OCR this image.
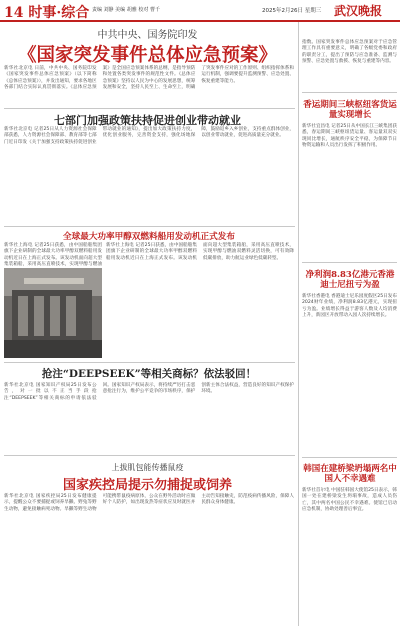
14 时事·综合 责编 刘静 美编 胡雅 校对 曹千	2025年2月26日 星期三 武汉晚报
中共中央、国务院印发
《国家突发事件总体应急预案》
新华社北京电 日前，中共中央、国务院印发《国家突发事件总体应急预案》（以下简称《总体应急预案》），并发出通知，要求各地区各部门结合实际认真贯彻落实。《总体应急预案》是全国应急预案体系的总纲，是指导预防和处置各类突发事件的规范性文件。《总体应急预案》坚持以人民为中心的发展思想，统筹发展和安全，坚持人民至上、生命至上，明确了突发事件应对的工作原则、组织指挥体系和运行机制，强调要提升监测预警、应急处置、恢复重建等能力。
七部门加强政策扶持促进创业带动就业
新华社北京电 记者25日从人力资源社会保障部获悉，人力资源社会保障部、教育部等七部门近日印发《关于加强支持政策扶持促进创业带动就业的通知》，提出加大政策扶持力度，优化创业服务，完善资金支持，强化场地保障，鼓励返乡入乡创业，支持重点群体创业，以创业带动就业，促进高质量充分就业。
全球最大功率甲醇双燃料船用发动机正式发布
新华社上海电 记者25日获悉，由中国船舶集团旗下企业研制的全球最大功率甲醇双燃料船用发动机近日在上海正式发布。该发动机面向超大型集装箱船，采用高压直喷技术，实现甲醇与燃油
新华社上海电 记者25日获悉，由中国船舶集团旗下企业研制的全球最大功率甲醇双燃料船用发动机近日在上海正式发布。该发动机面向超大型集装箱船，采用高压直喷技术，实现甲醇与燃油双燃料灵活切换，可有效降低碳排放，助力航运业绿色低碳转型。
抢注“DEEPSEEK”等相关商标？依法驳回！
新华社北京电 国家知识产权局25日发布公告，对一批以不正当手段抢注“DEEPSEEK”等相关商标的申请依法驳回。国家知识产权局表示，将持续严厉打击恶意抢注行为，维护公平竞争的市场秩序，保护创新主体合法权益，营造良好的知识产权保护环境。
上拔肌包能传播鼠疫
国家疾控局提示勿捕捉或饲养
新华社北京电 国家疾控局25日发布健康提示，提醒公众不要捕捉或饲养旱獭、野兔等野生动物，避免接触病死动物。旱獭等野生动物可能携带鼠疫病原体，公众在野外活动时应做好个人防护，如出现发热等症状应及时就医并主动告知接触史，防范疫病传播风险，保障人民群众身体健康。
指数。国家突发事件总体应急预案对于应急管理工作具有重要意义，明确了各级党委和政府的职责分工，提出了预防与应急准备、监测与预警、应急处置与救援、恢复与重建等内容。
香运期间三峡枢纽客货运量实现增长
新华社宜昌电 记者25日从中国长江三峡集团获悉，春运期间三峡枢纽货运量、客运量双双实现同比增长，通航秩序安全平稳，为保障节日物资运输和人员出行发挥了积极作用。
净利润8.83亿港元香港迪士尼扭亏为盈
新华社香港电 香港迪士尼乐园度假区25日发布2024财年业绩，净利润8.83亿港元，实现扭亏为盈。业绩增长得益于游客人数及人均消费上升，新园区开放带动入园人次持续增长。
韩国在建桥梁坍塌两名中国人不幸遇难
新华社首尔电 中国驻韩国大使馆25日表示，韩国一处在建桥梁发生坍塌事故，造成人员伤亡，其中两名中国公民不幸遇难。使馆已启动应急机制，协助处理善后事宜。
